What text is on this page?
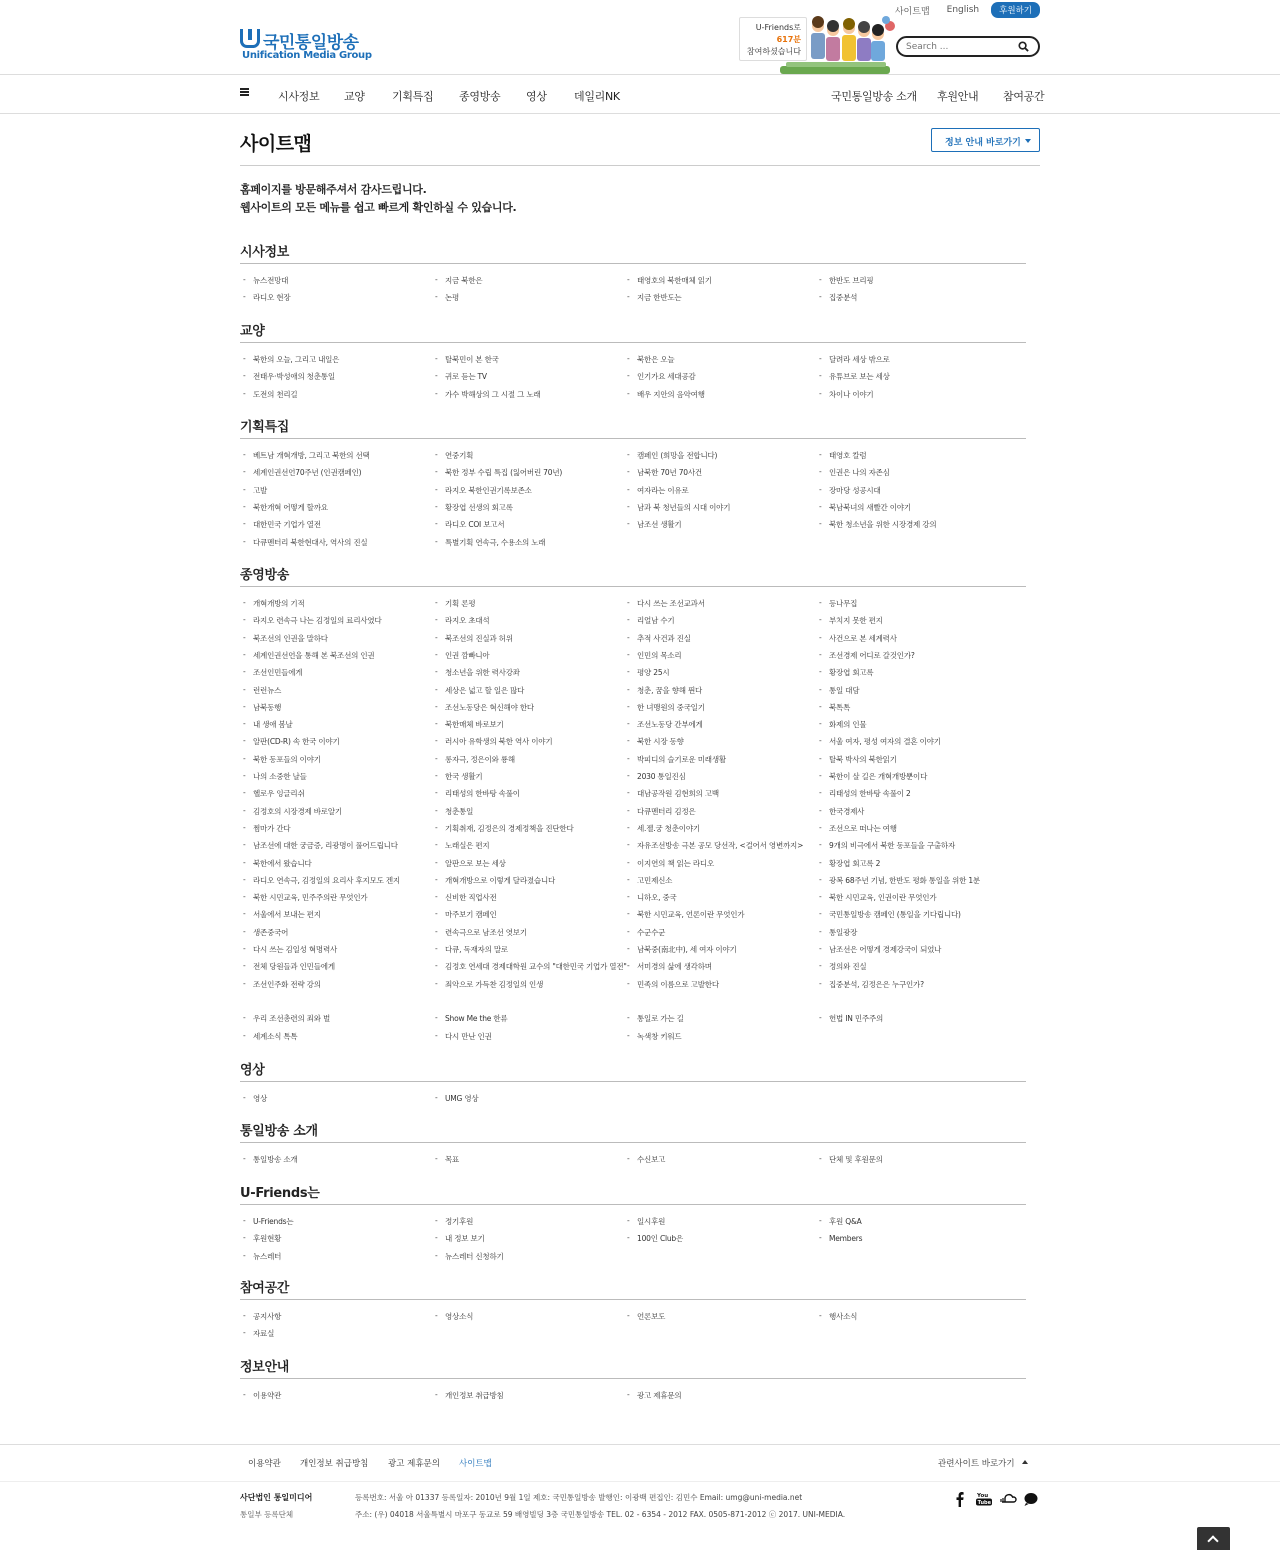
국민통일방송
Unification Media Group
사이트맵 English	후원하기
U-Friends로
617분
참여하셨습니다
Search ...
시사정보 교양 기획특집 종영방송 영상 데일리NK	국민통일방송 소개 후원안내 참여공간
사이트맵	정보 안내 바로가기
홈페이지를 방문해주셔서 감사드립니다.
웹사이트의 모든 메뉴를 쉽고 빠르게 확인하실 수 있습니다.
시사정보
- 뉴스전망대	- 지금 북한은	- 태영호의 북한매체 읽기	- 한반도 브리핑
- 라디오 현장	- 논평	- 지금 한반도는	- 집중분석
교양
- 북한의 오늘, 그리고 내일은	- 탈북민이 본 한국	- 북한은 오늘	- 달려라 세상 밖으로
- 전태우·박성애의 청춘통일	- 귀로 듣는 TV	- 인기가요 세대공감	- 유튜브로 보는 세상
- 도전의 천리길	- 가수 박해상의 그 시절 그 노래	- 배우 지안의 음악여행	- 차이나 이야기
기획특집
- 베트남 개혁개방, 그리고 북한의 선택	- 연중기획	- 캠페인 (희망을 전합니다)	- 태영호 칼럼
- 세계인권선언70주년 (인권캠페인)	- 북한 정부 수립 특집 (잃어버린 70년)	- 남북한 70년 70사건	- 인권은 나의 자존심
- 고발	- 라지오 북한인권기록보존소	- 여자라는 이유로	- 장마당 성공시대
- 북한개혁 어떻게 할까요	- 황장엽 선생의 회고록	- 남과 북 청년들의 시대 이야기	- 북남북녀의 새빨간 이야기
- 대한민국 기업가 열전	- 라디오 COI 보고서	- 남조선 생활기	- 북한 청소년을 위한 시장경제 강의
- 다큐멘터리 북한현대사, 역사의 진실	- 특별기획 연속극, 수용소의 노래
종영방송
- 개혁개방의 기적	- 기획 론평	- 다시 쓰는 조선교과서	- 등나무집
- 라지오 련속극 나는 김정일의 료리사였다	- 라지오 초대석	- 리얼남 수기	- 부치지 못한 편지
- 북조선의 인권을 말하다	- 북조선의 진실과 허위	- 추적 사건과 진실	- 사건으로 본 세계력사
- 세계인권선언을 통해 본 북조선의 인권	- 인권 깜빠니아	- 인민의 목소리	- 조선경제 어디로 갈것인가?
- 조선인민들에게	- 청소년을 위한 력사강좌	- 평양 25시	- 황장엽 회고록
- 런런뉴스	- 세상은 넓고 할 일은 많다	- 청춘, 꿈을 향해 뛴다	- 통일 대담
- 남북동행	- 조선노동당은 혁신해야 한다	- 한 녀맹원의 중국일기	- 북톡톡
- 내 생애 봄날	- 북한매체 바로보기	- 조선노동당 간부에게	- 화제의 인물
- 알판(CD-R) 속 한국 이야기	- 러시아 유학생의 북한 역사 이야기	- 북한 시장 동향	- 서울 여자, 평성 여자의 결혼 이야기
- 북한 동포들의 이야기	- 롱자극, 정은이와 룡해	- 박피디의 슬기로운 미래생활	- 탈북 박사의 북한읽기
- 나의 소중한 날들	- 한국 생활기	- 2030 통일진심	- 북한이 살 길은 개혁개방뿐이다
- 헬로우 잉글리쉬	- 리태성의 한바탕 속풀이	- 대남공작원 김현희의 고백	- 리태성의 한바탕 속풀이 2
- 김정호의 시장경제 바로알기	- 청춘통일	- 다큐멘터리 김정은	- 한국경제사
- 쩜마가 간다	- 기획취재, 김정은의 경제정책을 진단한다	- 세.젤.궁 청춘이야기	- 조선으로 떠나는 여행
- 남조선에 대한 궁금증, 리광명이 풀어드립니다	- 노래실은 편지	- 자유조선방송 극본 공모 당선작, <걸어서 영변까지>	- 9개의 비극에서 북한 동포들을 구출하자
- 북한에서 왔습니다	- 알판으로 보는 세상	- 이지연의 책 읽는 라디오	- 황장엽 회고록 2
- 라디오 연속극, 김정일의 요리사 후지모도 겐지	- 개혁개방으로 이렇게 달라졌습니다	- 고민제신소	- 광복 68주년 기념, 한반도 평화 통일을 위한 1분
- 북한 시민교육, 민주주의란 무엇인가	- 신비한 직업사전	- 니하오, 중국	- 북한 시민교육, 인권이란 무엇인가
- 서울에서 보내는 편지	- 마주보기 캠페인	- 북한 시민교육, 언론이란 무엇인가	- 국민통일방송 캠페인 (통일을 기다립니다)
- 생존중국어	- 련속극으로 남조선 엿보기	- 수군수군	- 통일광장
- 다시 쓰는 김일성 혁명력사	- 다큐, 독재자의 말로	- 남북중(南北中), 세 여자 이야기	- 남조선은 어떻게 경제강국이 되었나
- 전체 당원들과 인민들에게	- 김정호 연세대 경제대학원 교수의 "대한민국 기업가 열전"	- 서미경의 삶에 생각하며	- 정의와 진실
- 조선인주화 전략 강의	- 죄악으로 가득찬 김정일의 인생	- 민족의 이름으로 고발한다	- 집중분석, 김정은은 누구인가?
- 우리 조선총련의 죄와 벌	- Show Me the 한류	- 통일로 가는 길	- 헌법 IN 민주주의
- 세계소식 톡톡	- 다시 만난 인권	- 녹색창 키워드
영상
- 영상	- UMG 영상
통일방송 소개
- 통일방송 소개	- 목표	- 수신보고	- 단체 및 후원문의
U-Friends는
- U-Friends는	- 정기후원	- 일시후원	- 후원 Q&A
- 후원현황	- 내 정보 보기	- 100인 Club은	- Members
- 뉴스레터	- 뉴스레터 신청하기
참여공간
- 공지사항	- 영상소식	- 언론보도	- 행사소식
- 자료실
정보안내
- 이용약관	- 개인정보 취급방침	- 광고 제휴문의
이용약관 개인정보 취급방침 광고 제휴문의 사이트맵	관련사이트 바로가기
사단법인 통일미디어
통일부 등록단체
등록번호: 서울 아 01337 등록일자: 2010년 9월 1일 제호: 국민통일방송 발행인: 이광백 편집인: 김민수 Email: umg@uni-media.net
주소: (우) 04018 서울특별시 마포구 동교로 59 배영빌딩 3층 국민통일방송 TEL. 02 - 6354 - 2012 FAX. 0505-871-2012 ⓒ 2017. UNI-MEDIA.
You
Tube
